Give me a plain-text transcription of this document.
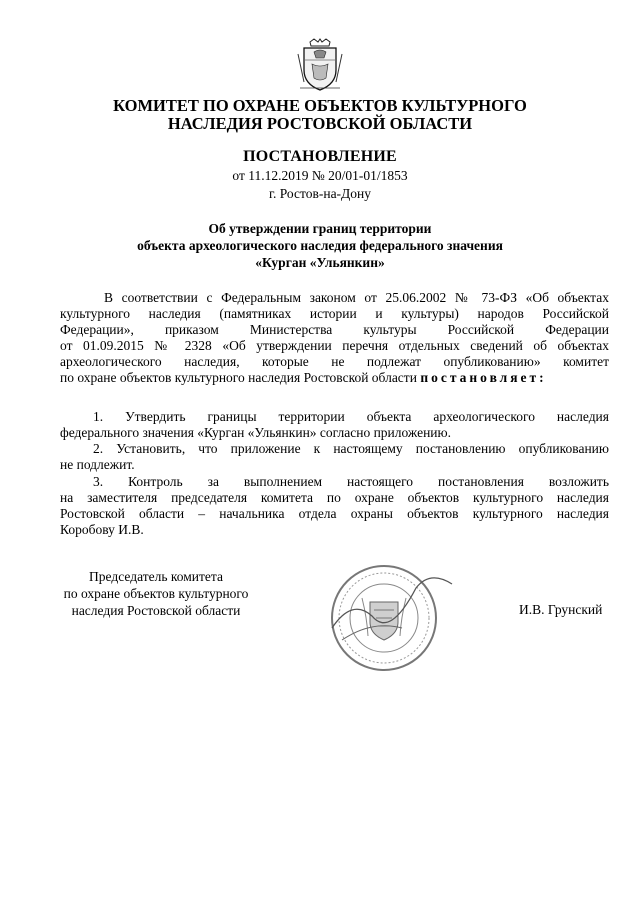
КОМИТЕТ ПО ОХРАНЕ ОБЪЕКТОВ КУЛЬТУРНОГО
НАСЛЕДИЯ РОСТОВСКОЙ ОБЛАСТИ
ПОСТАНОВЛЕНИЕ
от 11.12.2019 № 20/01-01/1853
г. Ростов-на-Дону
Об утверждении границ территории
объекта археологического наследия федерального значения
«Курган «Ульянкин»
В соответствии с Федеральным законом от 25.06.2002 № 73-ФЗ «Об объектах
культурного наследия (памятниках истории и культуры) народов Российской
Федерации», приказом Министерства культуры Российской Федерации
от 01.09.2015 № 2328 «Об утверждении перечня отдельных сведений об объектах
археологического наследия, которые не подлежат опубликованию» комитет
по охране объектов культурного наследия Ростовской области постановляет:
1. Утвердить границы территории объекта археологического наследия
федерального значения «Курган «Ульянкин» согласно приложению.
2. Установить, что приложение к настоящему постановлению опубликованию
не подлежит.
3. Контроль за выполнением настоящего постановления возложить
на заместителя председателя комитета по охране объектов культурного наследия
Ростовской области – начальника отдела охраны объектов культурного наследия
Коробову И.В.
Председатель комитета
по охране объектов культурного
наследия Ростовской области	И.В. Грунский
